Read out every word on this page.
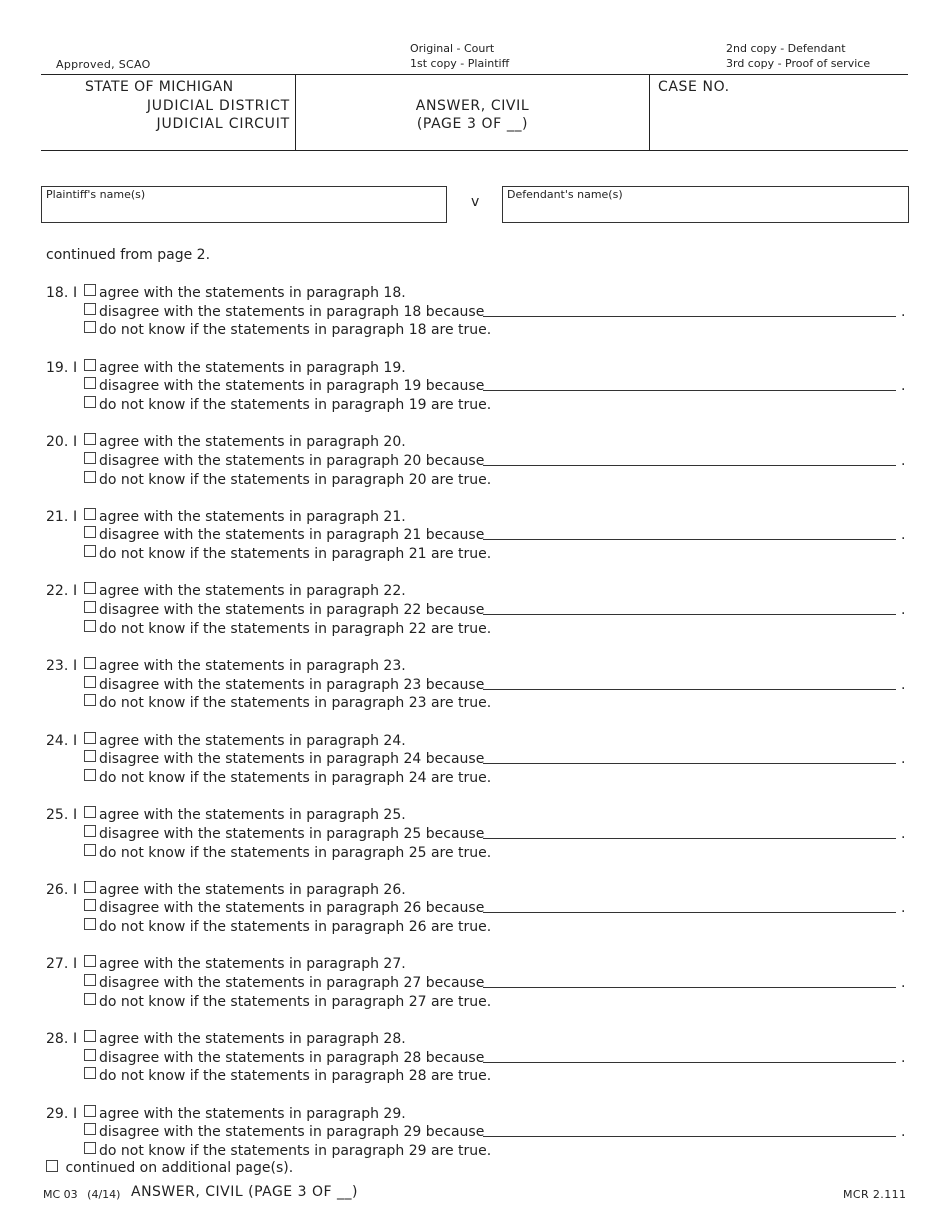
Approved, SCAO
Original - Court
1st copy - Plaintiff
2nd copy - Defendant
3rd copy - Proof of service
STATE OF MICHIGAN
JUDICIAL DISTRICT
JUDICIAL CIRCUIT
ANSWER, CIVIL
(PAGE 3 OF __)
CASE NO.
Plaintiff's name(s)	v	Defendant's name(s)
continued from page 2.
18. I	agree with the statements in paragraph 18.
disagree with the statements in paragraph 18 because	.
do not know if the statements in paragraph 18 are true.
19. I	agree with the statements in paragraph 19.
disagree with the statements in paragraph 19 because	.
do not know if the statements in paragraph 19 are true.
20. I	agree with the statements in paragraph 20.
disagree with the statements in paragraph 20 because	.
do not know if the statements in paragraph 20 are true.
21. I	agree with the statements in paragraph 21.
disagree with the statements in paragraph 21 because	.
do not know if the statements in paragraph 21 are true.
22. I	agree with the statements in paragraph 22.
disagree with the statements in paragraph 22 because	.
do not know if the statements in paragraph 22 are true.
23. I	agree with the statements in paragraph 23.
disagree with the statements in paragraph 23 because	.
do not know if the statements in paragraph 23 are true.
24. I	agree with the statements in paragraph 24.
disagree with the statements in paragraph 24 because	.
do not know if the statements in paragraph 24 are true.
25. I	agree with the statements in paragraph 25.
disagree with the statements in paragraph 25 because	.
do not know if the statements in paragraph 25 are true.
26. I	agree with the statements in paragraph 26.
disagree with the statements in paragraph 26 because	.
do not know if the statements in paragraph 26 are true.
27. I	agree with the statements in paragraph 27.
disagree with the statements in paragraph 27 because	.
do not know if the statements in paragraph 27 are true.
28. I	agree with the statements in paragraph 28.
disagree with the statements in paragraph 28 because	.
do not know if the statements in paragraph 28 are true.
29. I	agree with the statements in paragraph 29.
disagree with the statements in paragraph 29 because	.
do not know if the statements in paragraph 29 are true.
continued on additional page(s).
MC 03 (4/14) ANSWER, CIVIL (PAGE 3 OF __)	MCR 2.111
